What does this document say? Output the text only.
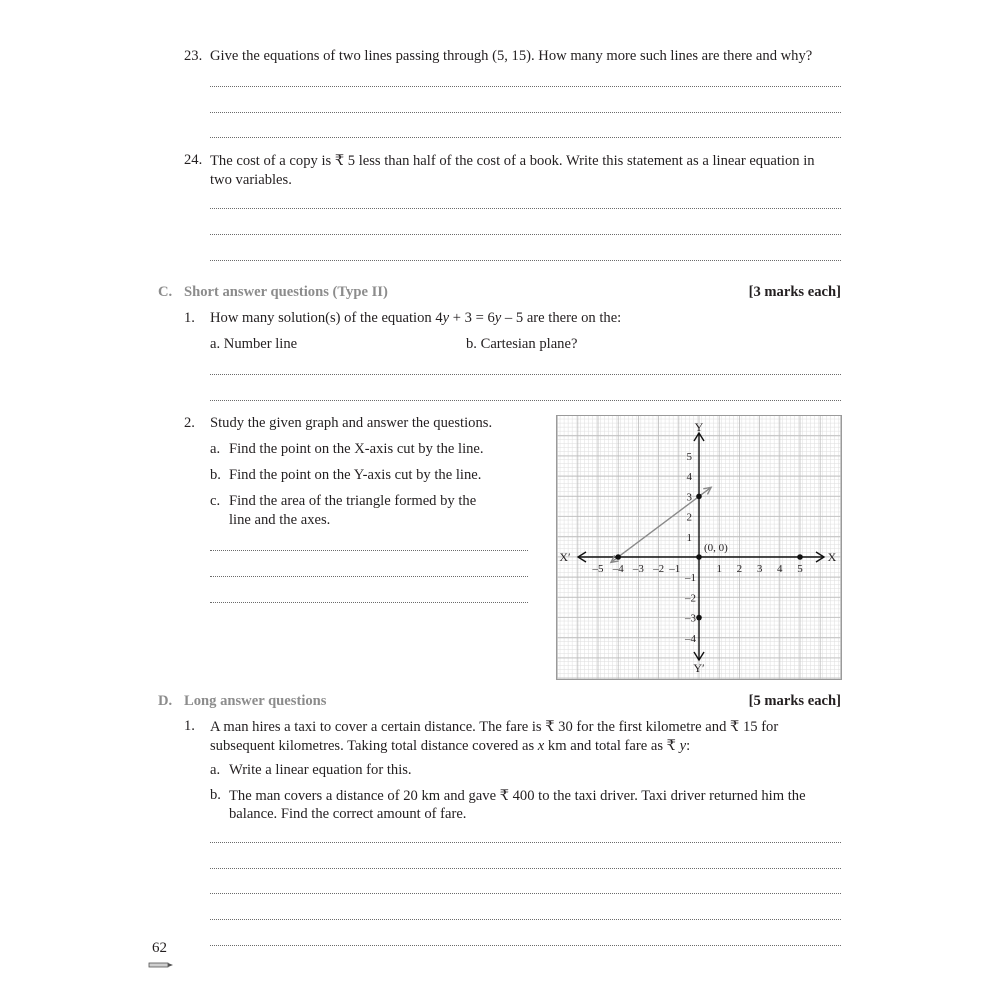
23. Give the equations of two lines passing through (5, 15). How many more such lines are there and why?
24. The cost of a copy is ₹ 5 less than half of the cost of a book. Write this statement as a linear equation in
two variables.
C. Short answer questions (Type II)	[3 marks each]
1. How many solution(s) of the equation 4y + 3 = 6y – 5 are there on the:
a. Number line	b. Cartesian plane?
2. Study the given graph and answer the questions.
a. Find the point on the X-axis cut by the line.
b. Find the point on the Y-axis cut by the line.
c. Find the area of the triangle formed by the
line and the axes.
–5 –4 –3 –2 –1	1 2 3 4 5
1
2
3
4
5
–1
–2
–3
–4
X
X′
Y
Y′
(0, 0)
D. Long answer questions	[5 marks each]
1. A man hires a taxi to cover a certain distance. The fare is ₹ 30 for the first kilometre and ₹ 15 for
subsequent kilometres. Taking total distance covered as x km and total fare as ₹ y:
a. Write a linear equation for this.
b. The man covers a distance of 20 km and gave ₹ 400 to the taxi driver. Taxi driver returned him the
balance. Find the correct amount of fare.
62
